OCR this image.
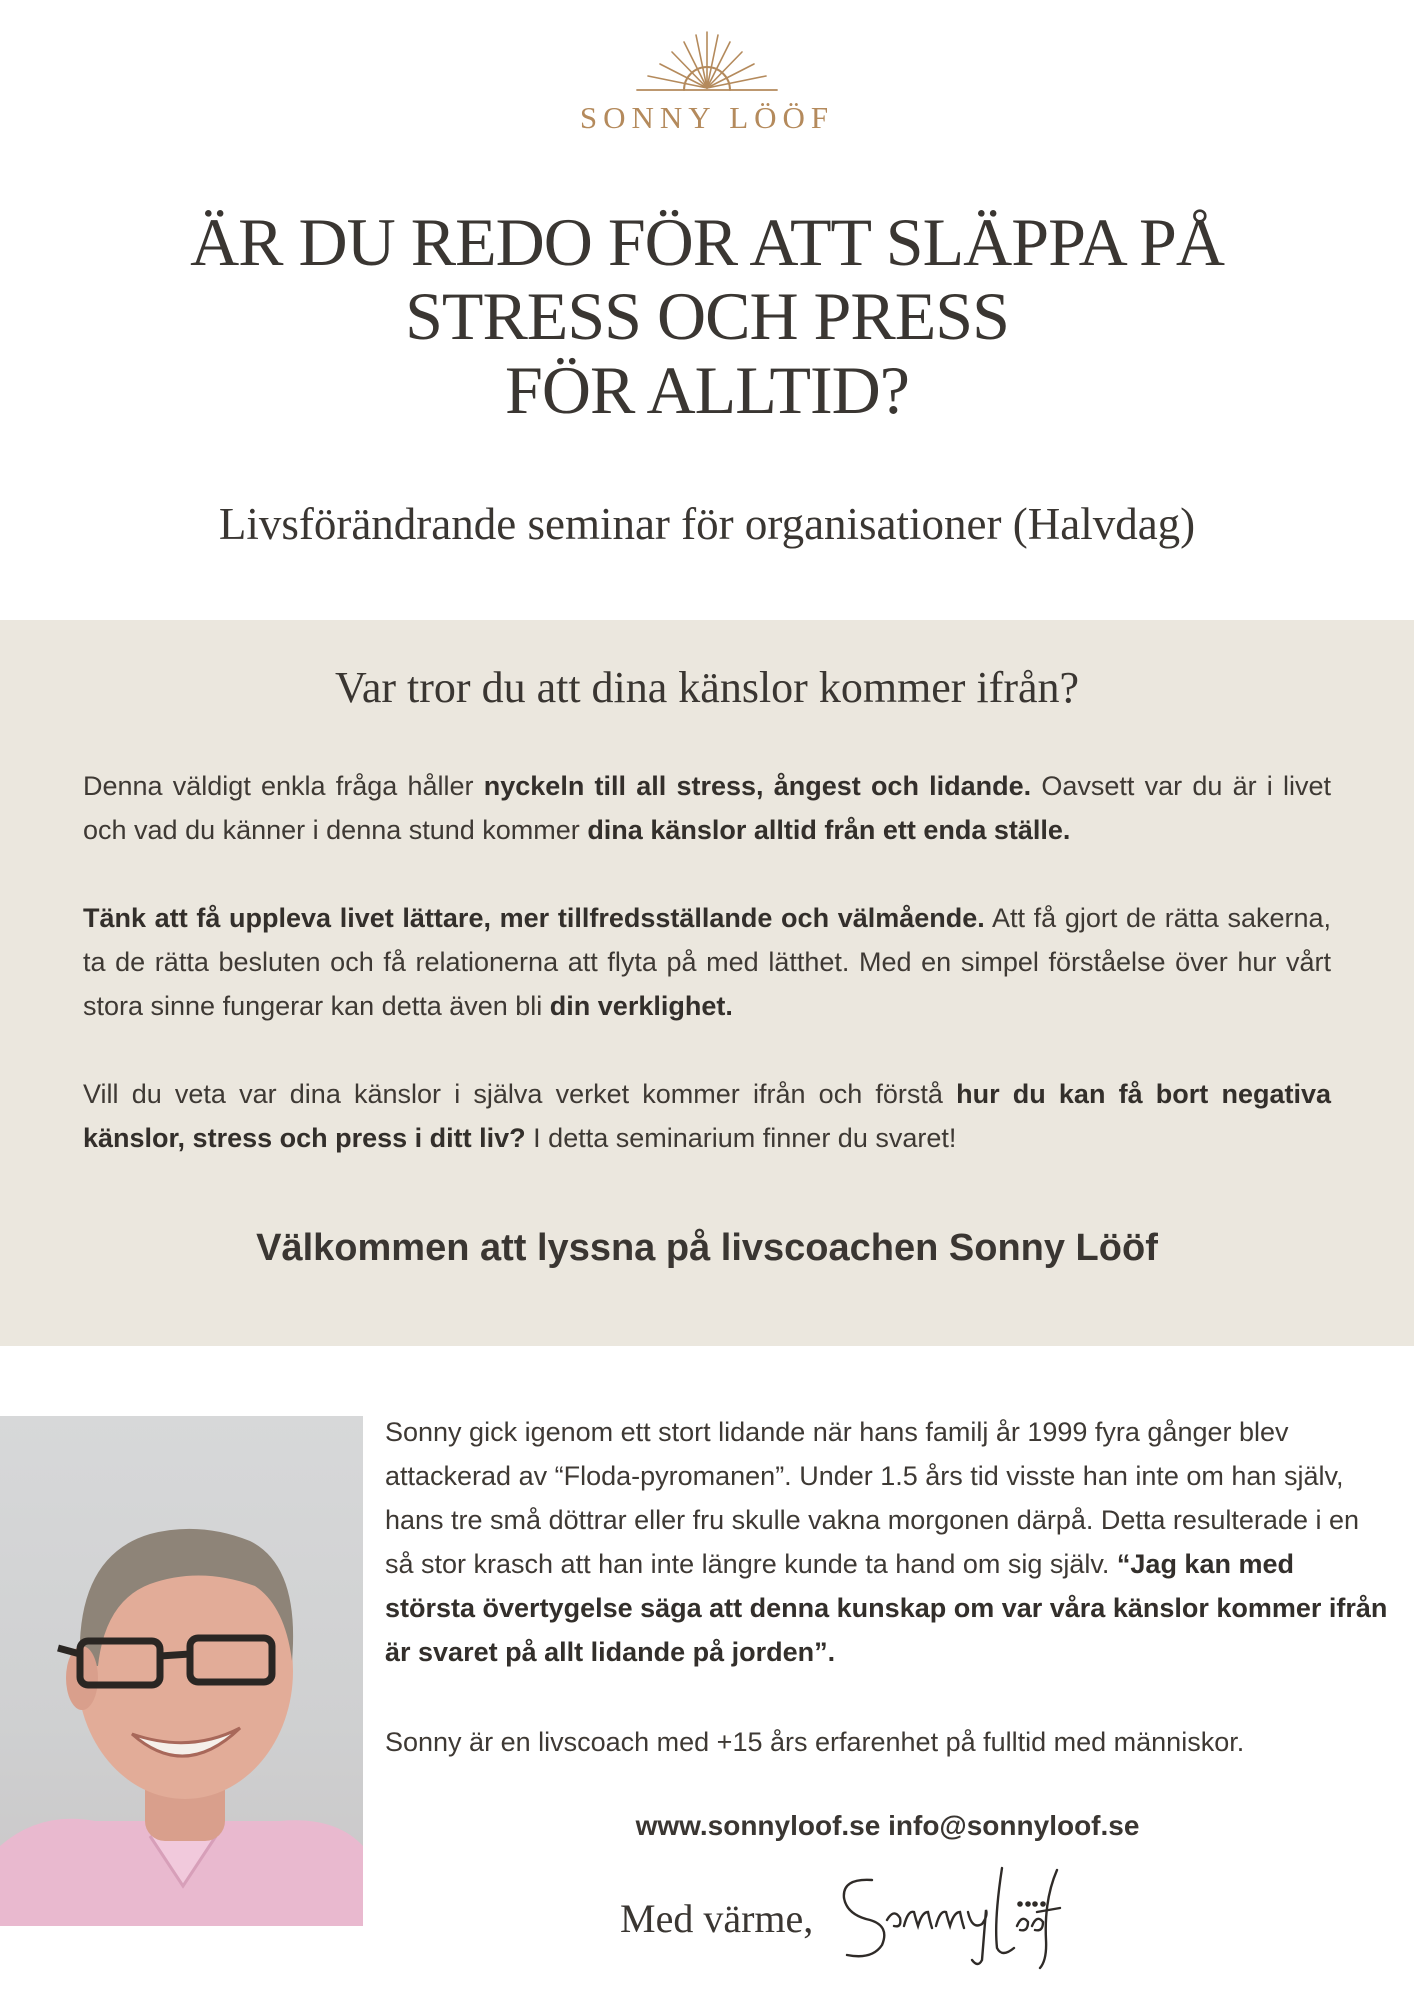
SONNY LÖÖF
ÄR DU REDO FÖR ATT SLÄPPA PÅ
STRESS OCH PRESS
FÖR ALLTID?
Livsförändrande seminar för organisationer (Halvdag)
Var tror du att dina känslor kommer ifrån?

Denna väldigt enkla fråga håller nyckeln till all stress, ångest och lidande. Oavsett var du är i livet och vad du känner i denna stund kommer dina känslor alltid från ett enda ställe.

Tänk att få uppleva livet lättare, mer tillfredsställande och välmående. Att få gjort de rätta sakerna, ta de rätta besluten och få relationerna att flyta på med lätthet. Med en simpel förståelse över hur vårt stora sinne fungerar kan detta även bli din verklighet.

Vill du veta var dina känslor i själva verket kommer ifrån och förstå hur du kan få bort negativa känslor, stress och press i ditt liv? I detta seminarium finner du svaret!

Välkommen att lyssna på livscoachen Sonny Lööf

Sonny gick igenom ett stort lidande när hans familj år 1999 fyra gånger blev attackerad av “Floda-pyromanen”. Under 1.5 års tid visste han inte om han själv, hans tre små döttrar eller fru skulle vakna morgonen därpå. Detta resulterade i en så stor krasch att han inte längre kunde ta hand om sig själv. “Jag kan med största övertygelse säga att denna kunskap om var våra känslor kommer ifrån är svaret på allt lidande på jorden”.

Sonny är en livscoach med +15 års erfarenhet på fulltid med människor.

www.sonnyloof.se info@sonnyloof.se
Med värme,
